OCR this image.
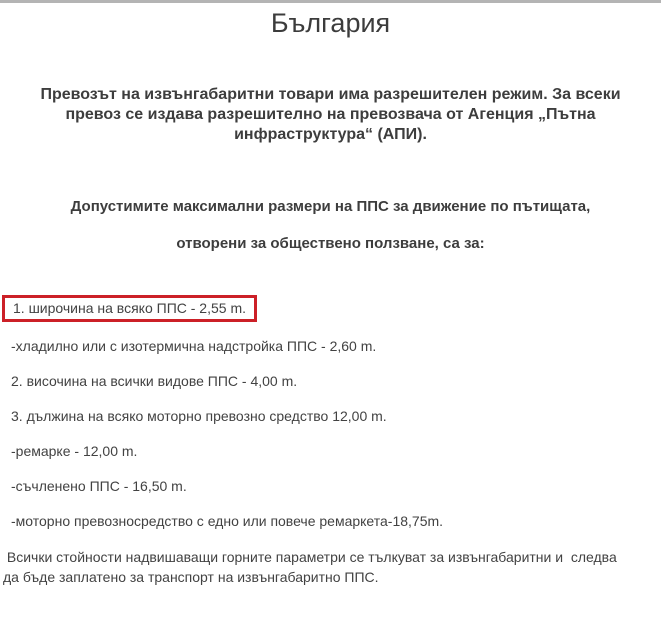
България
Превозът на извънгабаритни товари има разрешителен режим. За всеки
превоз се издава разрешително на превозвача от Агенция „Пътна
инфраструктура“ (АПИ).

Допустимите максимални размери на ППС за движение по пътищата,

отворени за обществено ползване, са за:

1. широчина на всяко ППС - 2,55 m.

-хладилно или с изотермична надстройка ППС - 2,60 m.

2. височина на всички видове ППС - 4,00 m.

3. дължина на всяко моторно превозно средство 12,00 m.

-ремарке - 12,00 m.

-съчленено ППС - 16,50 m.

-моторно превозносредство с едно или повече ремаркета-18,75m.

Всички стойности надвишаващи горните параметри се тълкуват за извънгабаритни и  следва
да бъде заплатено за транспорт на извънгабаритно ППС.
